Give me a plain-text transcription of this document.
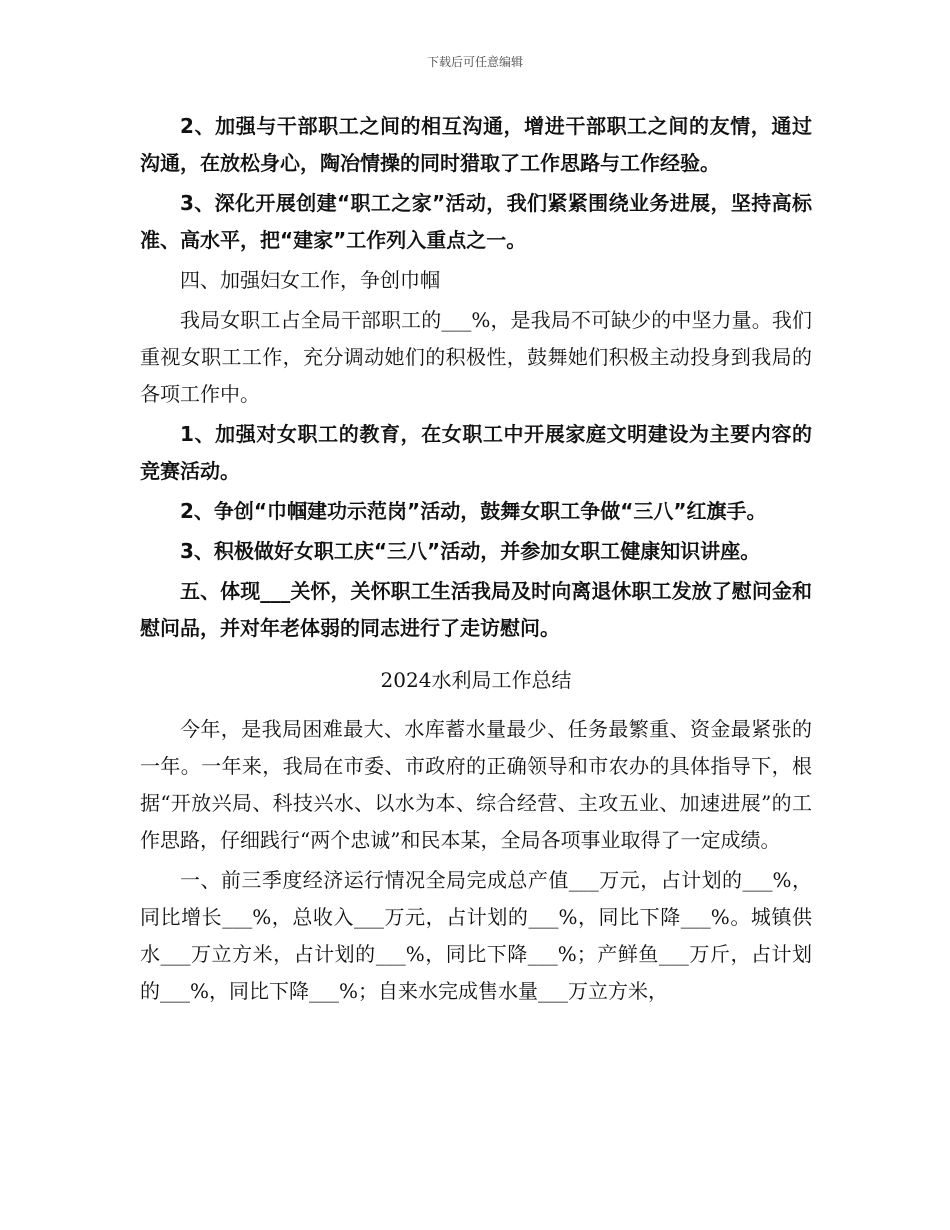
下载后可任意编辑

2、加强与干部职工之间的相互沟通，增进干部职工之间的友情，通过沟通，在放松身心，陶冶情操的同时猎取了工作思路与工作经验。

3、深化开展创建“职工之家”活动，我们紧紧围绕业务进展，坚持高标准、高水平，把“建家”工作列入重点之一。

四、加强妇女工作，争创巾帼

我局女职工占全局干部职工的___%，是我局不可缺少的中坚力量。我们重视女职工工作，充分调动她们的积极性，鼓舞她们积极主动投身到我局的各项工作中。

1、加强对女职工的教育，在女职工中开展家庭文明建设为主要内容的竞赛活动。

2、争创“巾帼建功示范岗”活动，鼓舞女职工争做“三八”红旗手。

3、积极做好女职工庆“三八”活动，并参加女职工健康知识讲座。

五、体现___关怀，关怀职工生活我局及时向离退休职工发放了慰问金和慰问品，并对年老体弱的同志进行了走访慰问。

2024水利局工作总结

今年，是我局困难最大、水库蓄水量最少、任务最繁重、资金最紧张的一年。一年来，我局在市委、市政府的正确领导和市农办的具体指导下，根据“开放兴局、科技兴水、以水为本、综合经营、主攻五业、加速进展”的工作思路，仔细践行“两个忠诚”和民本某，全局各项事业取得了一定成绩。

一、前三季度经济运行情况全局完成总产值___万元，占计划的___%，同比增长___%，总收入___万元，占计划的___%，同比下降___%。城镇供水___万立方米，占计划的___%，同比下降___%；产鲜鱼___万斤，占计划的___%，同比下降___%；自来水完成售水量___万立方米，
